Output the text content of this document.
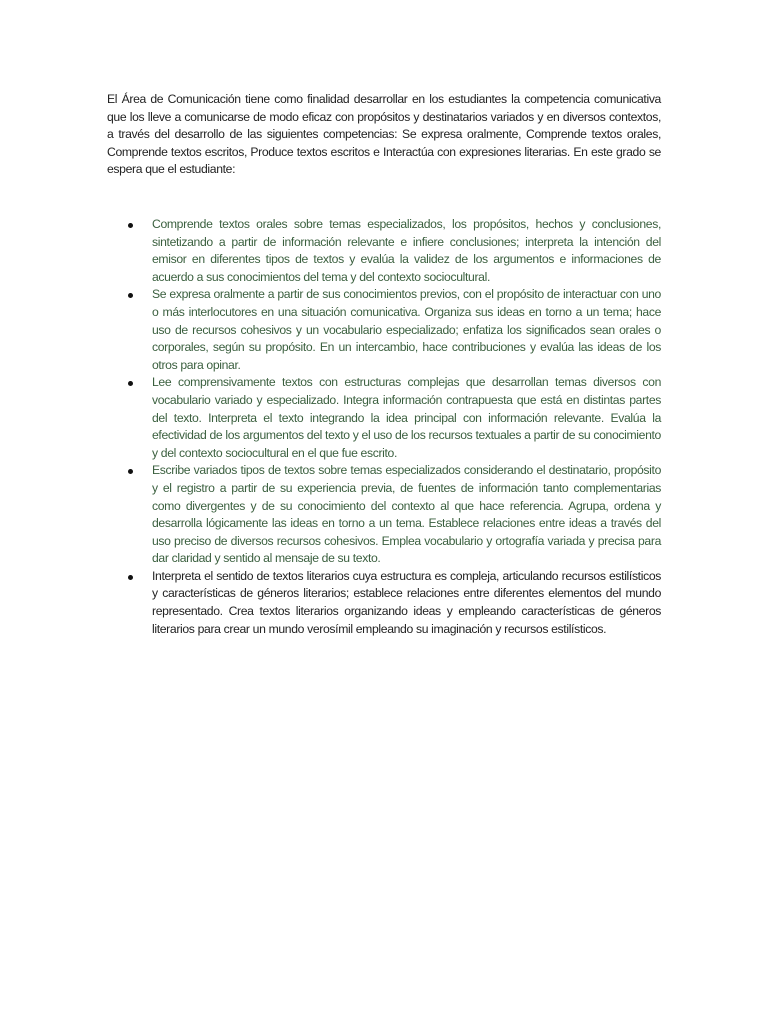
El Área de Comunicación tiene como finalidad desarrollar en los estudiantes la competencia comunicativa que los lleve a comunicarse de modo eficaz con propósitos y destinatarios variados y en diversos contextos, a través del desarrollo de las siguientes competencias: Se expresa oralmente, Comprende textos orales, Comprende textos escritos, Produce textos escritos e Interactúa con expresiones literarias. En este grado se espera que el estudiante:

Comprende textos orales sobre temas especializados, los propósitos, hechos y conclusiones, sintetizando a partir de información relevante e infiere conclusiones; interpreta la intención del emisor en diferentes tipos de textos y evalúa la validez de los argumentos e informaciones de acuerdo a sus conocimientos del tema y del contexto sociocultural.
Se expresa oralmente a partir de sus conocimientos previos, con el propósito de interactuar con uno o más interlocutores en una situación comunicativa. Organiza sus ideas en torno a un tema; hace uso de recursos cohesivos y un vocabulario especializado; enfatiza los significados sean orales o corporales, según su propósito. En un intercambio, hace contribuciones y evalúa las ideas de los otros para opinar.
Lee comprensivamente textos con estructuras complejas que desarrollan temas diversos con vocabulario variado y especializado. Integra información contrapuesta que está en distintas partes del texto. Interpreta el texto integrando la idea principal con información relevante. Evalúa la efectividad de los argumentos del texto y el uso de los recursos textuales a partir de su conocimiento y del contexto sociocultural en el que fue escrito.
Escribe variados tipos de textos sobre temas especializados considerando el destinatario, propósito y el registro a partir de su experiencia previa, de fuentes de información tanto complementarias como divergentes y de su conocimiento del contexto al que hace referencia. Agrupa, ordena y desarrolla lógicamente las ideas en torno a un tema. Establece relaciones entre ideas a través del uso preciso de diversos recursos cohesivos. Emplea vocabulario y ortografía variada y precisa para dar claridad y sentido al mensaje de su texto.
Interpreta el sentido de textos literarios cuya estructura es compleja, articulando recursos estilísticos y características de géneros literarios; establece relaciones entre diferentes elementos del mundo representado. Crea textos literarios organizando ideas y empleando características de géneros literarios para crear un mundo verosímil empleando su imaginación y recursos estilísticos.
